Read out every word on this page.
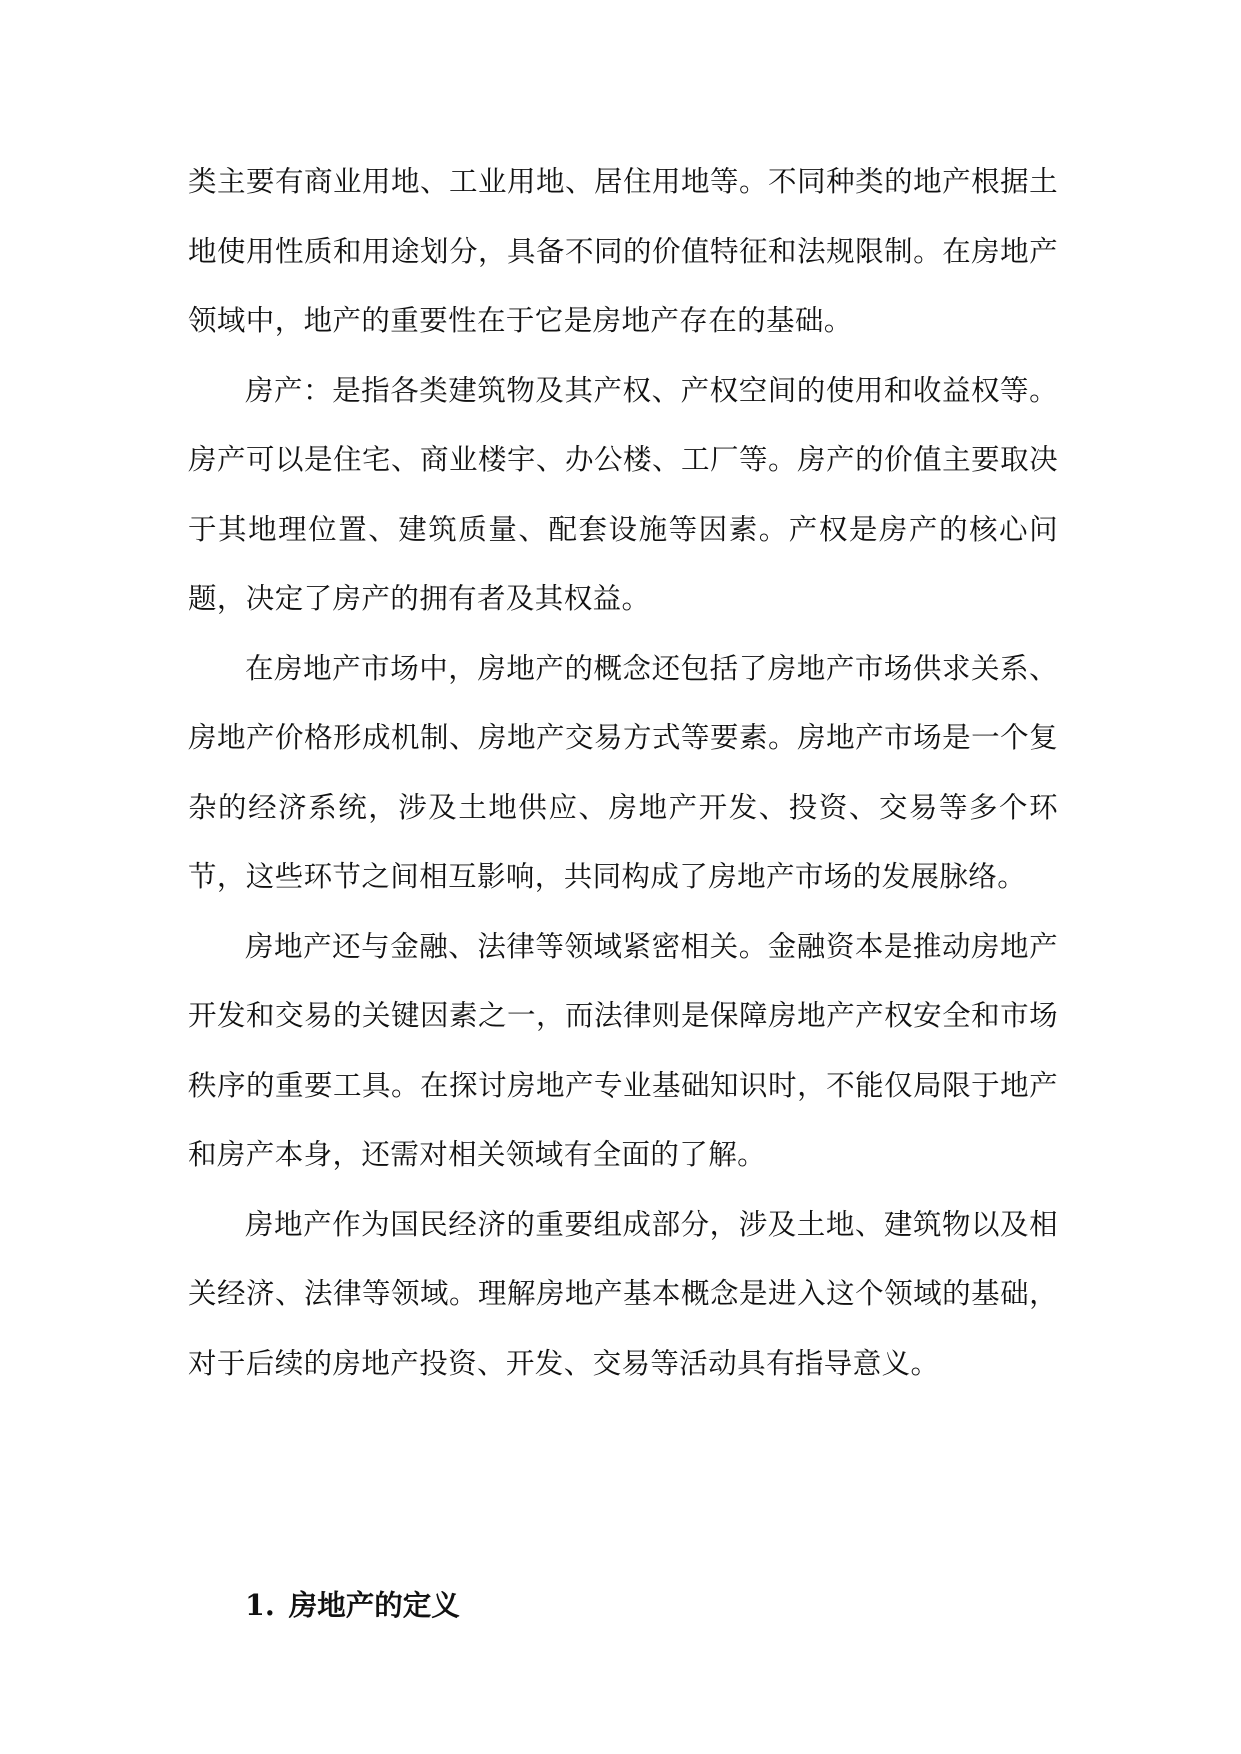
类主要有商业用地、工业用地、居住用地等。不同种类的地产根据土地使用性质和用途划分，具备不同的价值特征和法规限制。在房地产领域中，地产的重要性在于它是房地产存在的基础。

房产：是指各类建筑物及其产权、产权空间的使用和收益权等。房产可以是住宅、商业楼宇、办公楼、工厂等。房产的价值主要取决于其地理位置、建筑质量、配套设施等因素。产权是房产的核心问题，决定了房产的拥有者及其权益。

在房地产市场中，房地产的概念还包括了房地产市场供求关系、房地产价格形成机制、房地产交易方式等要素。房地产市场是一个复杂的经济系统，涉及土地供应、房地产开发、投资、交易等多个环节，这些环节之间相互影响，共同构成了房地产市场的发展脉络。

房地产还与金融、法律等领域紧密相关。金融资本是推动房地产开发和交易的关键因素之一，而法律则是保障房地产产权安全和市场秩序的重要工具。在探讨房地产专业基础知识时，不能仅局限于地产和房产本身，还需对相关领域有全面的了解。

房地产作为国民经济的重要组成部分，涉及土地、建筑物以及相关经济、法律等领域。理解房地产基本概念是进入这个领域的基础，对于后续的房地产投资、开发、交易等活动具有指导意义。

1. 房地产的定义
